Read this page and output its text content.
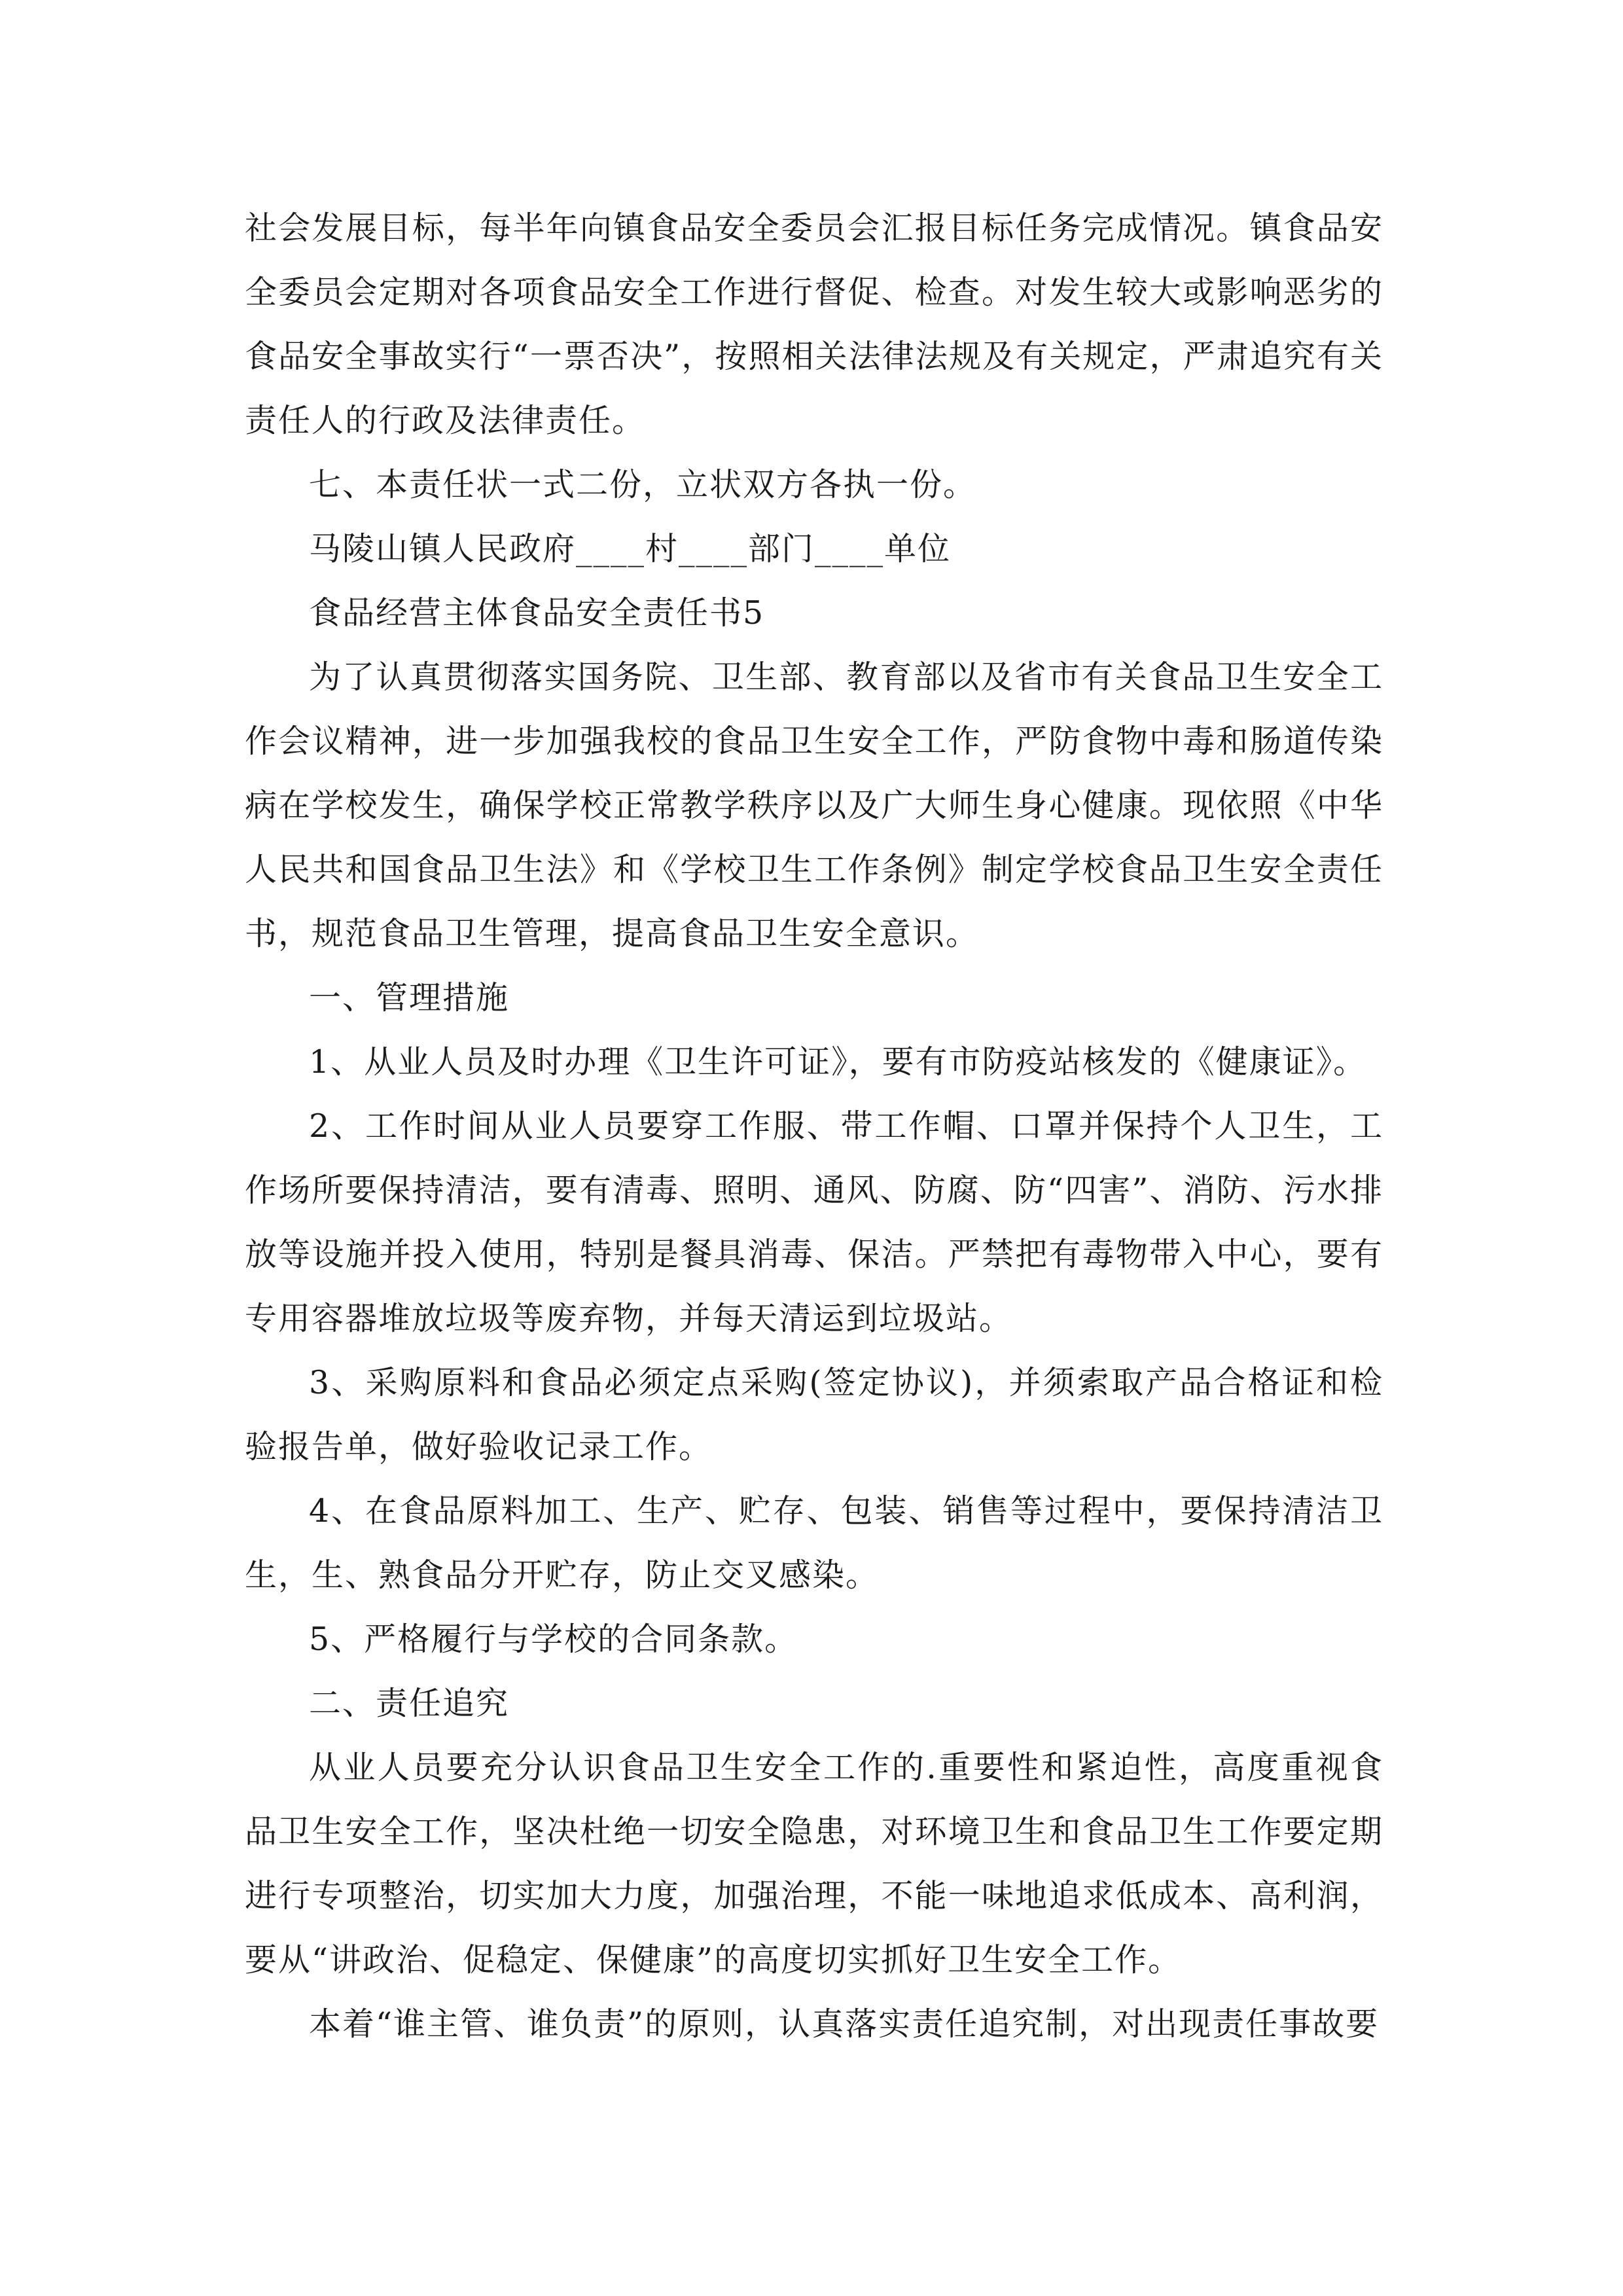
社会发展目标，每半年向镇食品安全委员会汇报目标任务完成情况。镇食品安全委员会定期对各项食品安全工作进行督促、检查。对发生较大或影响恶劣的食品安全事故实行“一票否决”，按照相关法律法规及有关规定，严肃追究有关责任人的行政及法律责任。

七、本责任状一式二份，立状双方各执一份。

马陵山镇人民政府____村____部门____单位

食品经营主体食品安全责任书5

为了认真贯彻落实国务院、卫生部、教育部以及省市有关食品卫生安全工作会议精神，进一步加强我校的食品卫生安全工作，严防食物中毒和肠道传染病在学校发生，确保学校正常教学秩序以及广大师生身心健康。现依照《中华人民共和国食品卫生法》和《学校卫生工作条例》制定学校食品卫生安全责任书，规范食品卫生管理，提高食品卫生安全意识。

一、管理措施

1、从业人员及时办理《卫生许可证》，要有市防疫站核发的《健康证》。

2、工作时间从业人员要穿工作服、带工作帽、口罩并保持个人卫生，工作场所要保持清洁，要有清毒、照明、通风、防腐、防“四害”、消防、污水排放等设施并投入使用，特别是餐具消毒、保洁。严禁把有毒物带入中心，要有专用容器堆放垃圾等废弃物，并每天清运到垃圾站。

3、采购原料和食品必须定点采购(签定协议)，并须索取产品合格证和检验报告单，做好验收记录工作。

4、在食品原料加工、生产、贮存、包装、销售等过程中，要保持清洁卫生，生、熟食品分开贮存，防止交叉感染。

5、严格履行与学校的合同条款。

二、责任追究

从业人员要充分认识食品卫生安全工作的.重要性和紧迫性，高度重视食品卫生安全工作，坚决杜绝一切安全隐患，对环境卫生和食品卫生工作要定期进行专项整治，切实加大力度，加强治理，不能一味地追求低成本、高利润，要从“讲政治、促稳定、保健康”的高度切实抓好卫生安全工作。

本着“谁主管、谁负责”的原则，认真落实责任追究制，对出现责任事故要
